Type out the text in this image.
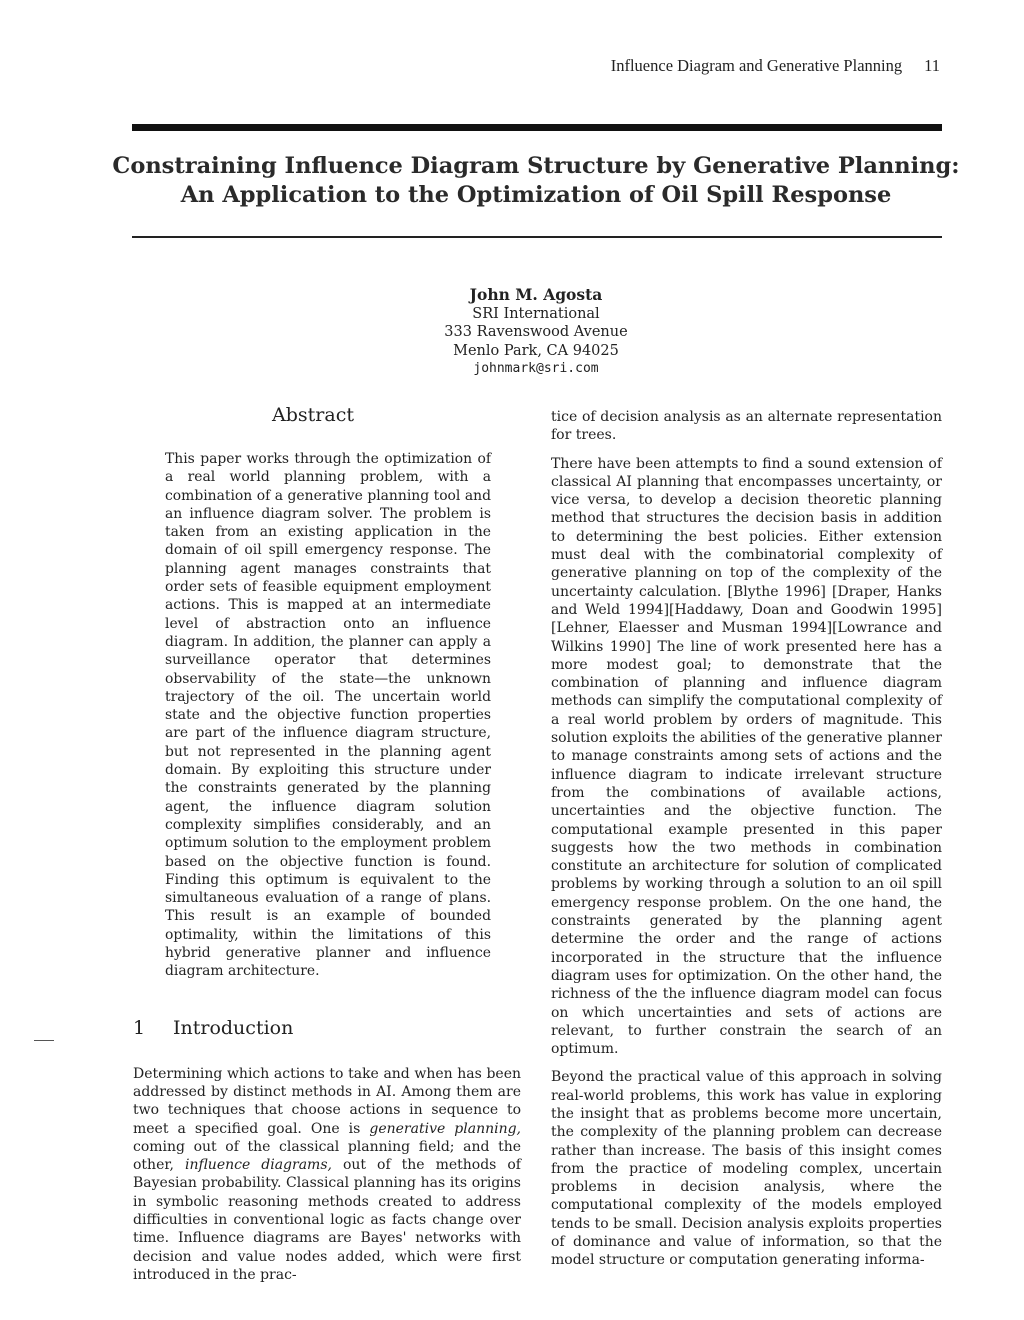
Influence Diagram and Generative Planning 11
Constraining Influence Diagram Structure by Generative Planning:
An Application to the Optimization of Oil Spill Response
John M. Agosta
SRI International
333 Ravenswood Avenue
Menlo Park, CA 94025
johnmark@sri.com
Abstract

This paper works through the optimization of a real world planning problem, with a combination of a generative planning tool and an influence diagram solver. The problem is taken from an existing application in the domain of oil spill emergency response. The planning agent manages constraints that order sets of feasible equipment employment actions. This is mapped at an intermediate level of abstraction onto an influence diagram. In addition, the planner can apply a surveillance operator that determines observability of the state—the unknown trajectory of the oil. The uncertain world state and the objective function properties are part of the influence diagram structure, but not represented in the planning agent domain. By exploiting this structure under the constraints generated by the planning agent, the influence diagram solution complexity simplifies considerably, and an optimum solution to the employment problem based on the objective function is found. Finding this optimum is equivalent to the simultaneous evaluation of a range of plans. This result is an example of bounded optimality, within the limitations of this hybrid generative planner and influence diagram architecture.

1 Introduction

Determining which actions to take and when has been addressed by distinct methods in AI. Among them are two techniques that choose actions in sequence to meet a specified goal. One is generative planning, coming out of the classical planning field; and the other, influence diagrams, out of the methods of Bayesian probability. Classical planning has its origins in symbolic reasoning methods created to address difficulties in conventional logic as facts change over time. Influence diagrams are Bayes' networks with decision and value nodes added, which were first introduced in the prac-

tice of decision analysis as an alternate representation for trees.

There have been attempts to find a sound extension of classical AI planning that encompasses uncertainty, or vice versa, to develop a decision theoretic planning method that structures the decision basis in addition to determining the best policies. Either extension must deal with the combinatorial complexity of generative planning on top of the complexity of the uncertainty calculation. [Blythe 1996] [Draper, Hanks and Weld 1994][Haddawy, Doan and Goodwin 1995][Lehner, Elaesser and Musman 1994][Lowrance and Wilkins 1990] The line of work presented here has a more modest goal; to demonstrate that the combination of planning and influence diagram methods can simplify the computational complexity of a real world problem by orders of magnitude. This solution exploits the abilities of the generative planner to manage constraints among sets of actions and the influence diagram to indicate irrelevant structure from the combinations of available actions, uncertainties and the objective function. The computational example presented in this paper suggests how the two methods in combination constitute an architecture for solution of complicated problems by working through a solution to an oil spill emergency response problem. On the one hand, the constraints generated by the planning agent determine the order and the range of actions incorporated in the structure that the influence diagram uses for optimization. On the other hand, the richness of the the influence diagram model can focus on which uncertainties and sets of actions are relevant, to further constrain the search of an optimum.

Beyond the practical value of this approach in solving real-world problems, this work has value in exploring the insight that as problems become more uncertain, the complexity of the planning problem can decrease rather than increase. The basis of this insight comes from the practice of modeling complex, uncertain problems in decision analysis, where the computational complexity of the models employed tends to be small. Decision analysis exploits properties of dominance and value of information, so that the model structure or computation generating informa-
